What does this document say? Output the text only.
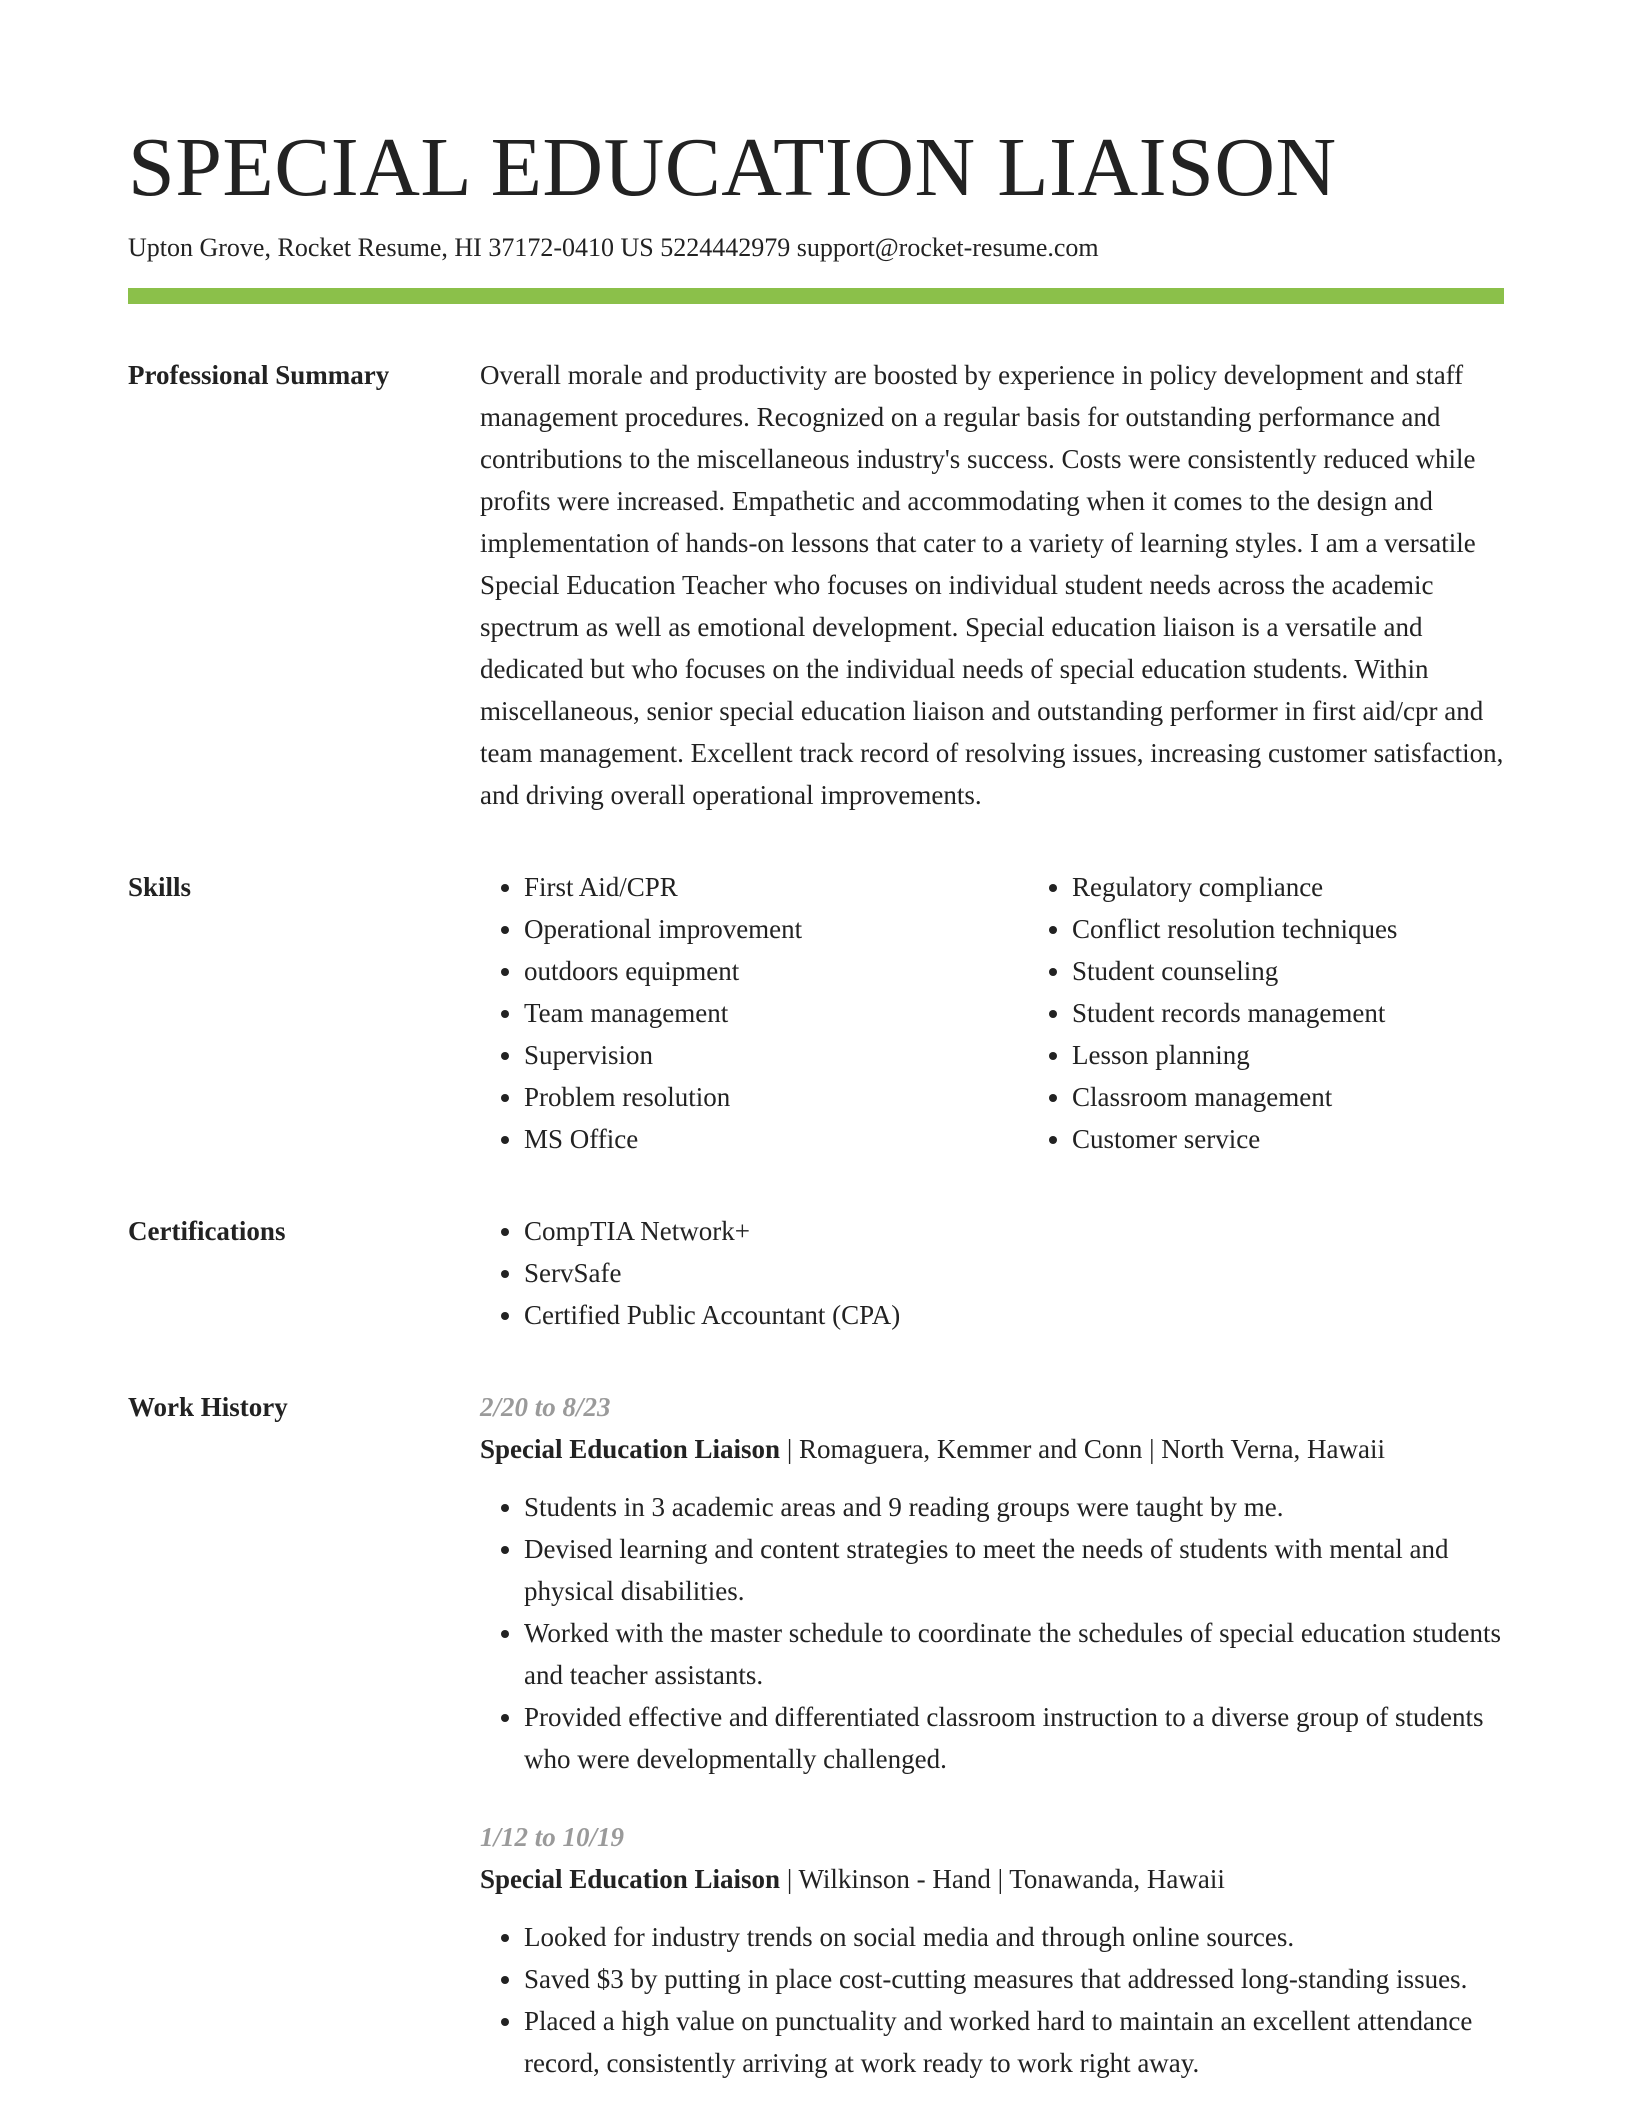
SPECIAL EDUCATION LIAISON
Upton Grove, Rocket Resume, HI 37172-0410 US 5224442979 support@rocket-resume.com
Professional Summary	Overall morale and productivity are boosted by experience in policy development and staff management procedures. Recognized on a regular basis for outstanding performance and contributions to the miscellaneous industry's success. Costs were consistently reduced while profits were increased. Empathetic and accommodating when it comes to the design and implementation of hands-on lessons that cater to a variety of learning styles. I am a versatile Special Education Teacher who focuses on individual student needs across the academic spectrum as well as emotional development. Special education liaison is a versatile and dedicated but who focuses on the individual needs of special education students. Within miscellaneous, senior special education liaison and outstanding performer in first aid/cpr and team management. Excellent track record of resolving issues, increasing customer satisfaction, and driving overall operational improvements.

Skills	• First Aid/CPR
• Operational improvement
• outdoors equipment
• Team management
• Supervision
• Problem resolution
• MS Office
• Regulatory compliance
• Conflict resolution techniques
• Student counseling
• Student records management
• Lesson planning
• Classroom management
• Customer service
Certifications	• CompTIA Network+
• ServSafe
• Certified Public Accountant (CPA)
Work History	2/20 to 8/23
Special Education Liaison | Romaguera, Kemmer and Conn | North Verna, Hawaii
• Students in 3 academic areas and 9 reading groups were taught by me.
• Devised learning and content strategies to meet the needs of students with mental and physical disabilities.
• Worked with the master schedule to coordinate the schedules of special education students and teacher assistants.
• Provided effective and differentiated classroom instruction to a diverse group of students who were developmentally challenged.
1/12 to 10/19
Special Education Liaison | Wilkinson - Hand | Tonawanda, Hawaii
• Looked for industry trends on social media and through online sources.
• Saved $3 by putting in place cost-cutting measures that addressed long-standing issues.
• Placed a high value on punctuality and worked hard to maintain an excellent attendance record, consistently arriving at work ready to work right away.
